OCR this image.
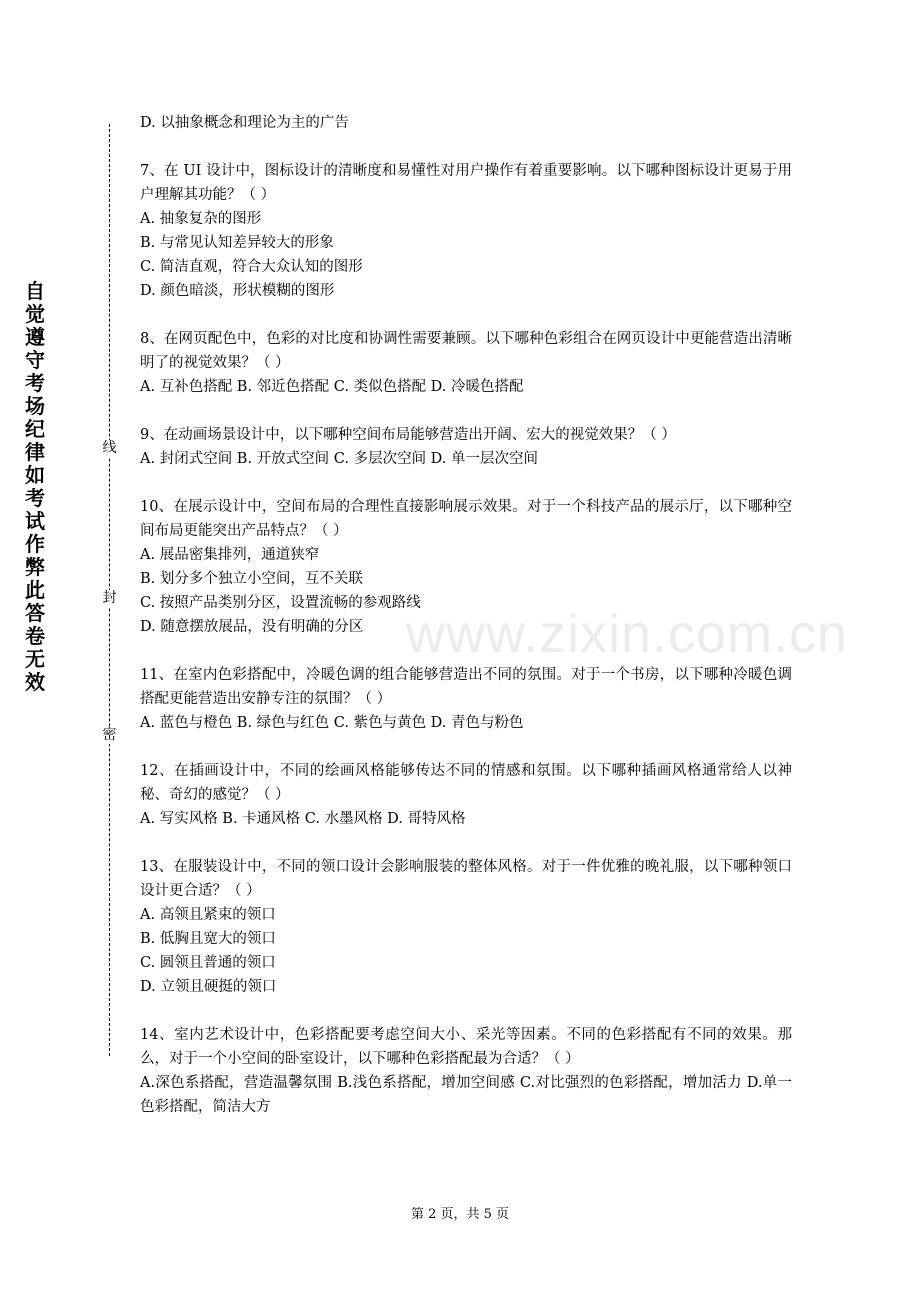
自觉遵守考场纪律如考试作弊此答卷无效
线
封
密
www.zixin.com.cn
D. 以抽象概念和理论为主的广告
7、在 UI 设计中，图标设计的清晰度和易懂性对用户操作有着重要影响。以下哪种图标设计更易于用户理解其功能？（ ）
A. 抽象复杂的图形
B. 与常见认知差异较大的形象
C. 简洁直观，符合大众认知的图形
D. 颜色暗淡，形状模糊的图形
8、在网页配色中，色彩的对比度和协调性需要兼顾。以下哪种色彩组合在网页设计中更能营造出清晰明了的视觉效果？（ ）
A. 互补色搭配 B. 邻近色搭配 C. 类似色搭配 D. 冷暖色搭配
9、在动画场景设计中，以下哪种空间布局能够营造出开阔、宏大的视觉效果？（ ）
A. 封闭式空间 B. 开放式空间 C. 多层次空间 D. 单一层次空间
10、在展示设计中，空间布局的合理性直接影响展示效果。对于一个科技产品的展示厅，以下哪种空间布局更能突出产品特点？（ ）
A. 展品密集排列，通道狭窄
B. 划分多个独立小空间，互不关联
C. 按照产品类别分区，设置流畅的参观路线
D. 随意摆放展品，没有明确的分区
11、在室内色彩搭配中，冷暖色调的组合能够营造出不同的氛围。对于一个书房，以下哪种冷暖色调搭配更能营造出安静专注的氛围？（ ）
A. 蓝色与橙色 B. 绿色与红色 C. 紫色与黄色 D. 青色与粉色
12、在插画设计中，不同的绘画风格能够传达不同的情感和氛围。以下哪种插画风格通常给人以神秘、奇幻的感觉？（ ）
A. 写实风格 B. 卡通风格 C. 水墨风格 D. 哥特风格
13、在服装设计中，不同的领口设计会影响服装的整体风格。对于一件优雅的晚礼服，以下哪种领口设计更合适？（ ）
A. 高领且紧束的领口
B. 低胸且宽大的领口
C. 圆领且普通的领口
D. 立领且硬挺的领口
14、室内艺术设计中，色彩搭配要考虑空间大小、采光等因素。不同的色彩搭配有不同的效果。那么，对于一个小空间的卧室设计，以下哪种色彩搭配最为合适？（ ）
A.深色系搭配，营造温馨氛围 B.浅色系搭配，增加空间感 C.对比强烈的色彩搭配，增加活力 D.单一色彩搭配，简洁大方
第 2 页，共 5 页
